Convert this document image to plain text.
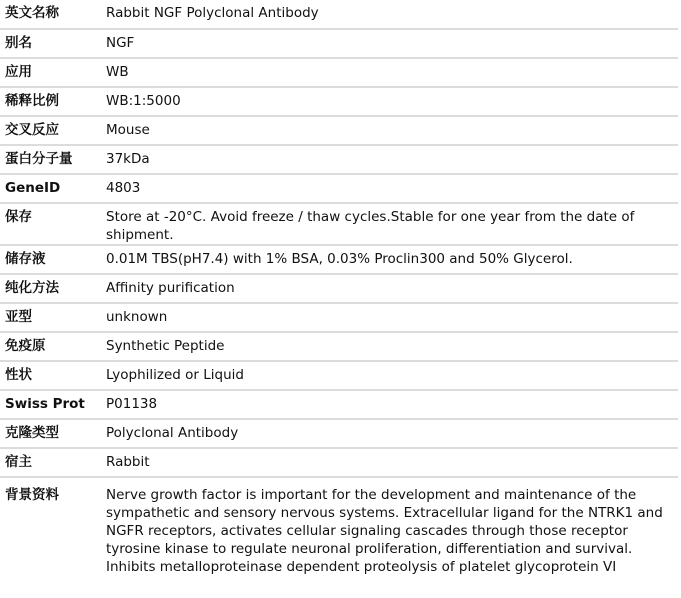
英文名称	Rabbit NGF Polyclonal Antibody
别名	NGF
应用	WB
稀释比例	WB:1:5000
交叉反应	Mouse
蛋白分子量	37kDa
GeneID	4803
保存	Store at -20°C. Avoid freeze / thaw cycles.Stable for one year from the date of shipment.
储存液	0.01M TBS(pH7.4) with 1% BSA, 0.03% Proclin300 and 50% Glycerol.
纯化方法	Affinity purification
亚型	unknown
免疫原	Synthetic Peptide
性状	Lyophilized or Liquid
Swiss Prot	P01138
克隆类型	Polyclonal Antibody
宿主	Rabbit
背景资料	Nerve growth factor is important for the development and maintenance of the sympathetic and sensory nervous systems. Extracellular ligand for the NTRK1 and NGFR receptors, activates cellular signaling cascades through those receptor tyrosine kinase to regulate neuronal proliferation, differentiation and survival. Inhibits metalloproteinase dependent proteolysis of platelet glycoprotein VI
